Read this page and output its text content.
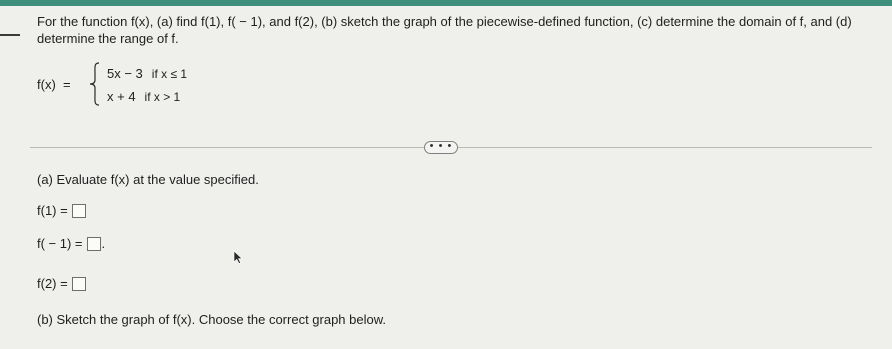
For the function f(x), (a) find f(1), f( − 1), and f(2), (b) sketch the graph of the piecewise-defined function, (c) determine the domain of f, and (d)
determine the range of f.
f(x)  =
5x − 3 if x ≤ 1
x + 4 if x > 1
• • •
(a) Evaluate f(x) at the value specified.
f(1) =
f( − 1) = .
f(2) =
(b) Sketch the graph of f(x). Choose the correct graph below.
